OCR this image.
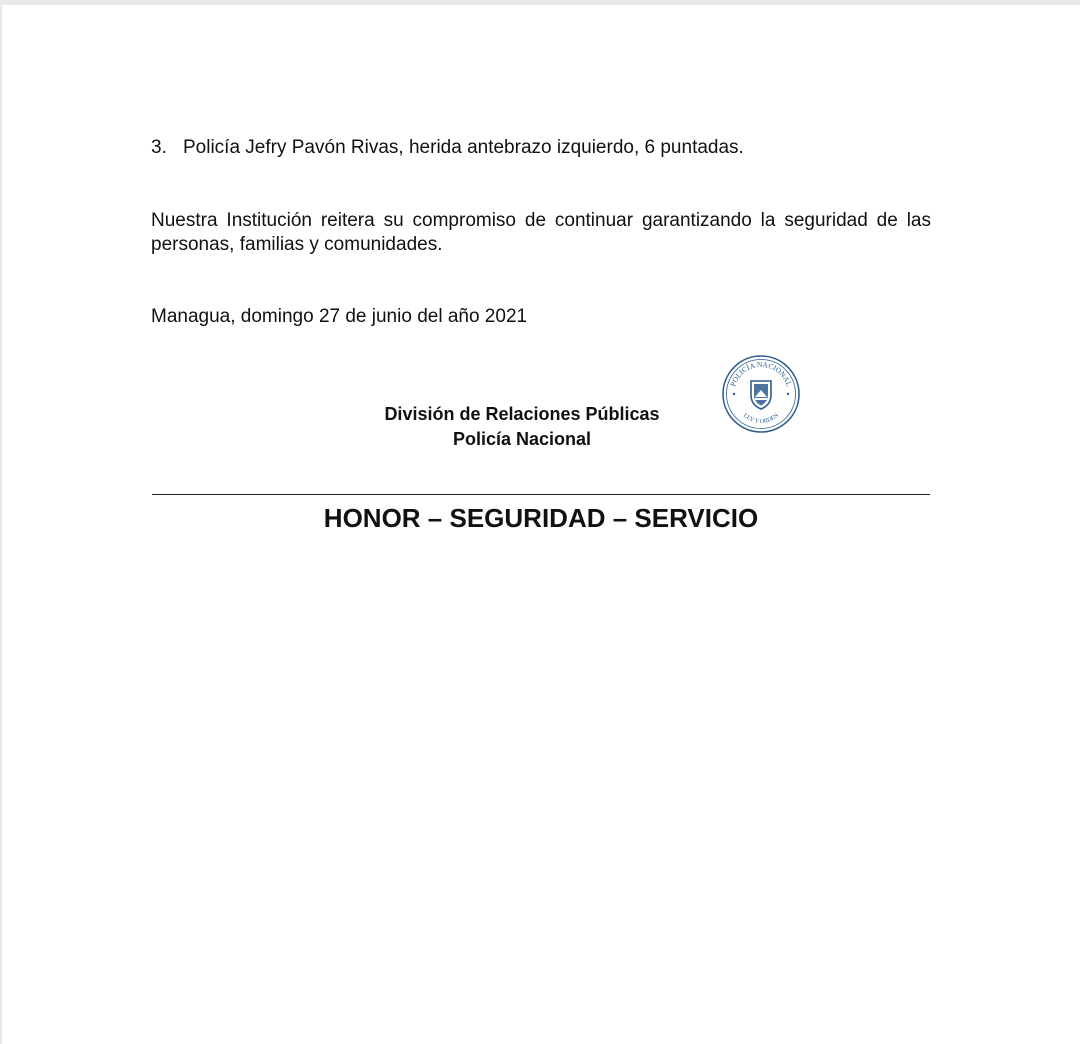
3. Policía Jefry Pavón Rivas, herida antebrazo izquierdo, 6 puntadas.
Nuestra Institución reitera su compromiso de continuar garantizando la seguridad de las personas, familias y comunidades.
Managua, domingo 27 de junio del año 2021
División de Relaciones Públicas
Policía Nacional
POLICÍA NACIONAL
LEY Y ORDEN
HONOR – SEGURIDAD – SERVICIO
